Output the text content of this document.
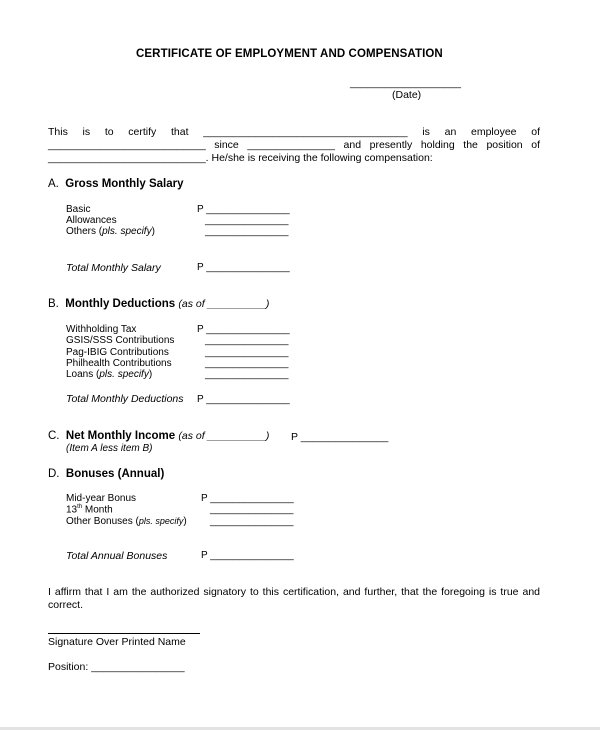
CERTIFICATE OF EMPLOYMENT AND COMPENSATION
___________________
(Date)
This is to certify that ___________________________________ is an employee of
___________________________ since _______________ and presently holding the position of
___________________________. He/she is receiving the following compensation:
A. Gross Monthly Salary
Basic	P _______________
Allowances	_______________
Others (pls. specify)	_______________
Total Monthly Salary	P _______________
B. Monthly Deductions (as of __________)
Withholding Tax	P _______________
GSIS/SSS Contributions	_______________
Pag-IBIG Contributions	_______________
Philhealth Contributions	_______________
Loans (pls. specify)	_______________
Total Monthly Deductions P _______________
C. Net Monthly Income (as of __________) P _______________
(Item A less item B)
D. Bonuses (Annual)
Mid-year Bonus	P _______________
13th Month	_______________
Other Bonuses (pls. specify) _______________
Total Annual Bonuses	P _______________
I affirm that I am the authorized signatory to this certification, and further, that the foregoing is true and
correct.
Signature Over Printed Name
Position: ________________
